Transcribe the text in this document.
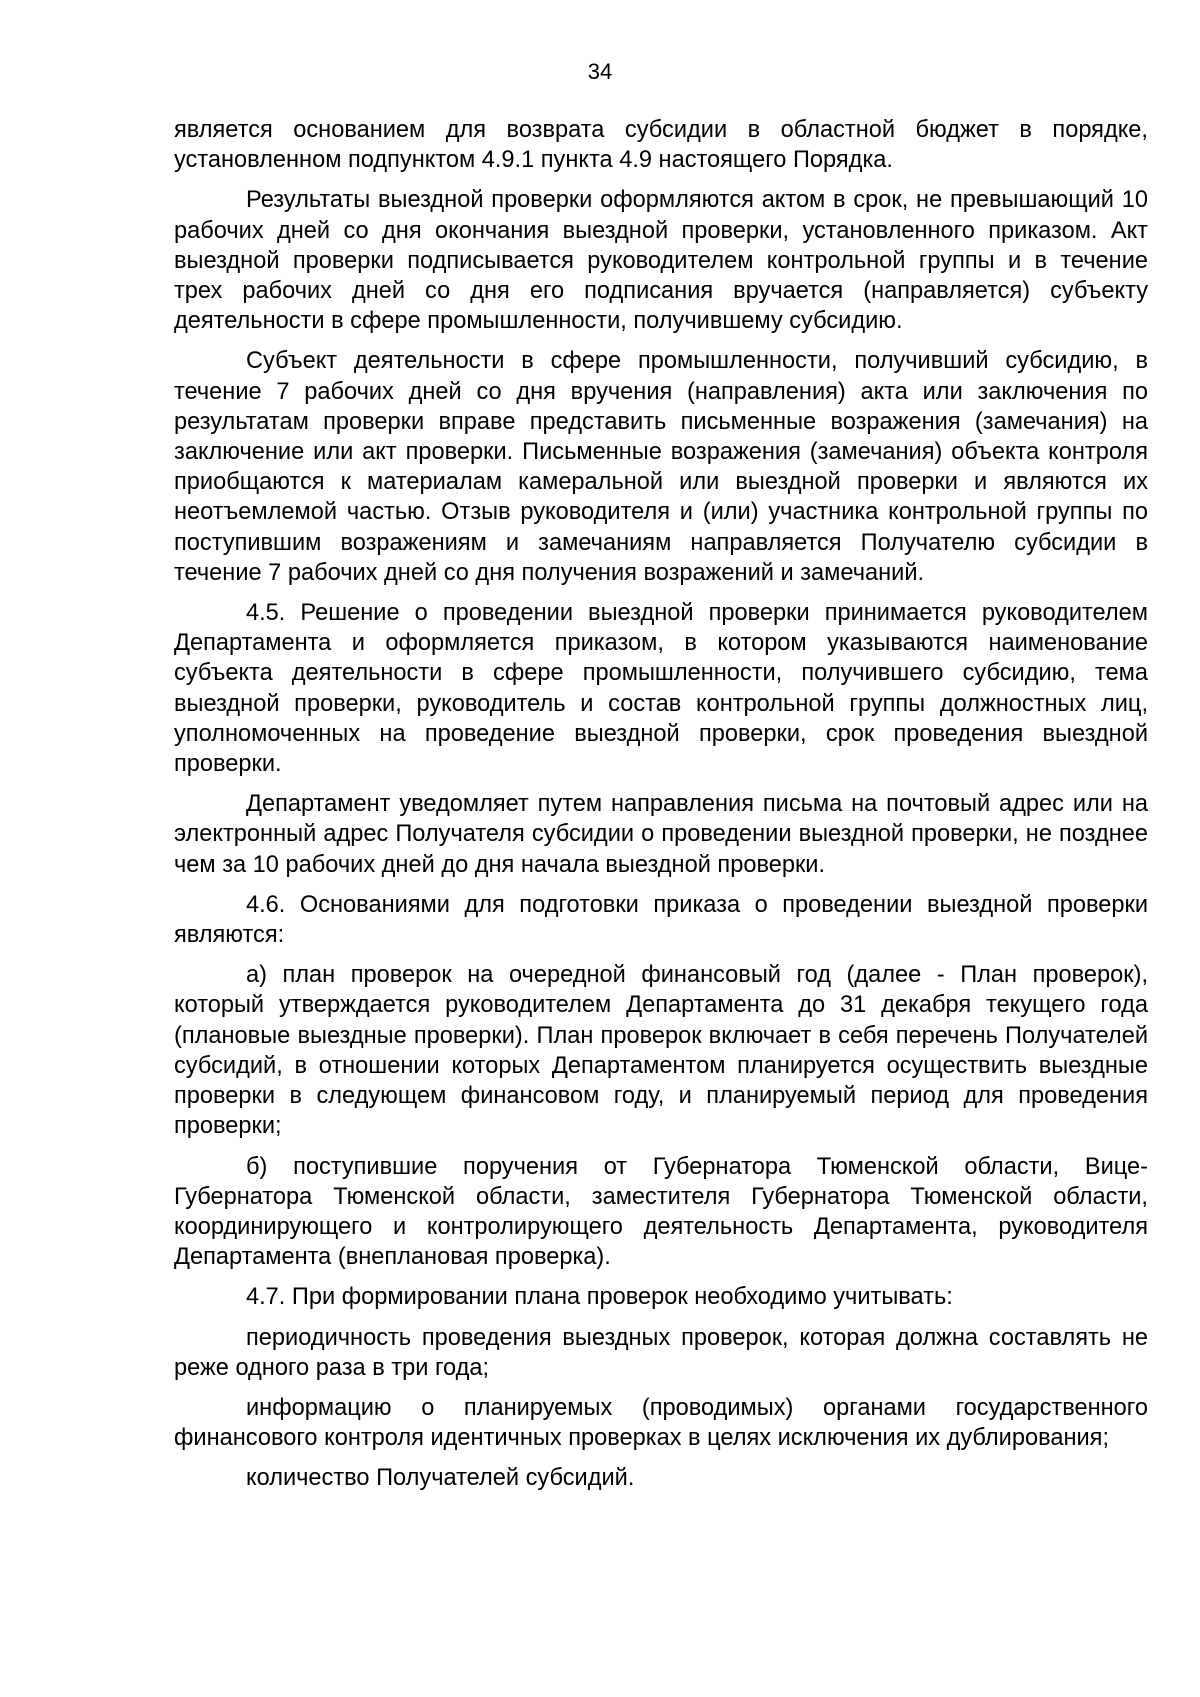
34

является основанием для возврата субсидии в областной бюджет в порядке, установленном подпунктом 4.9.1 пункта 4.9 настоящего Порядка.

Результаты выездной проверки оформляются актом в срок, не превышающий 10 рабочих дней со дня окончания выездной проверки, установленного приказом. Акт выездной проверки подписывается руководителем контрольной группы и в течение трех рабочих дней со дня его подписания вручается (направляется) субъекту деятельности в сфере промышленности, получившему субсидию.

Субъект деятельности в сфере промышленности, получивший субсидию, в течение 7 рабочих дней со дня вручения (направления) акта или заключения по результатам проверки вправе представить письменные возражения (замечания) на заключение или акт проверки. Письменные возражения (замечания) объекта контроля приобщаются к материалам камеральной или выездной проверки и являются их неотъемлемой частью. Отзыв руководителя и (или) участника контрольной группы по поступившим возражениям и замечаниям направляется Получателю субсидии в течение 7 рабочих дней со дня получения возражений и замечаний.

4.5. Решение о проведении выездной проверки принимается руководителем Департамента и оформляется приказом, в котором указываются наименование субъекта деятельности в сфере промышленности, получившего субсидию, тема выездной проверки, руководитель и состав контрольной группы должностных лиц, уполномоченных на проведение выездной проверки, срок проведения выездной проверки.

Департамент уведомляет путем направления письма на почтовый адрес или на электронный адрес Получателя субсидии о проведении выездной проверки, не позднее чем за 10 рабочих дней до дня начала выездной проверки.

4.6. Основаниями для подготовки приказа о проведении выездной проверки являются:

а) план проверок на очередной финансовый год (далее - План проверок), который утверждается руководителем Департамента до 31 декабря текущего года (плановые выездные проверки). План проверок включает в себя перечень Получателей субсидий, в отношении которых Департаментом планируется осуществить выездные проверки в следующем финансовом году, и планируемый период для проведения проверки;

б) поступившие поручения от Губернатора Тюменской области, Вице-Губернатора Тюменской области, заместителя Губернатора Тюменской области, координирующего и контролирующего деятельность Департамента, руководителя Департамента (внеплановая проверка).

4.7. При формировании плана проверок необходимо учитывать:

периодичность проведения выездных проверок, которая должна составлять не реже одного раза в три года;

информацию о планируемых (проводимых) органами государственного финансового контроля идентичных проверках в целях исключения их дублирования;

количество Получателей субсидий.
